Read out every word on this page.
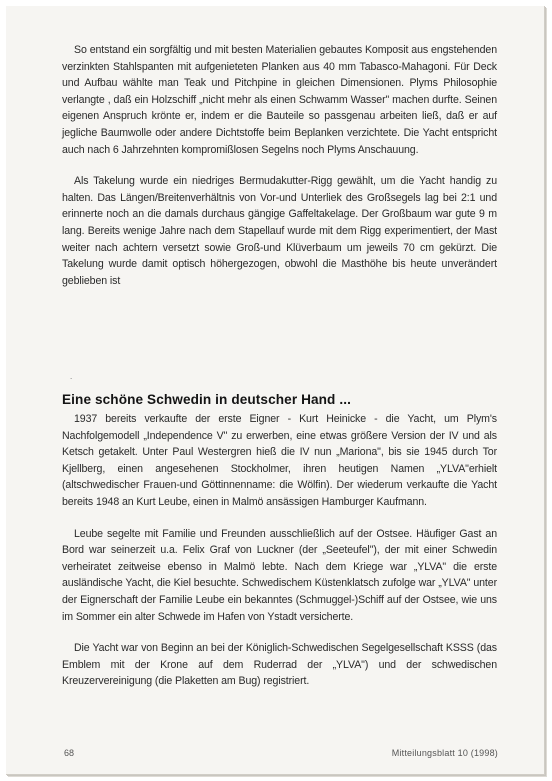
So entstand ein sorgfältig und mit besten Materialien gebautes Komposit aus engstehenden verzinkten Stahlspanten mit aufgenieteten Planken aus 40 mm Tabasco-Mahagoni. Für Deck und Aufbau wählte man Teak und Pitchpine in gleichen Dimensionen. Plyms Philosophie verlangte , daß ein Holzschiff „nicht mehr als einen Schwamm Wasser" machen durfte. Seinen eigenen Anspruch krönte er, indem er die Bauteile so passgenau arbeiten ließ, daß er auf jegliche Baumwolle oder andere Dichtstoffe beim Beplanken verzichtete. Die Yacht entspricht auch nach 6 Jahrzehnten kompromißlosen Segelns noch Plyms Anschauung.

Als Takelung wurde ein niedriges Bermudakutter-Rigg gewählt, um die Yacht handig zu halten. Das Längen/Breitenverhältnis von Vor-und Unterliek des Großsegels lag bei 2:1 und erinnerte noch an die damals durchaus gängige Gaffeltakelage. Der Großbaum war gute 9 m lang. Bereits wenige Jahre nach dem Stapellauf wurde mit dem Rigg experimentiert, der Mast weiter nach achtern versetzt sowie Groß-und Klüverbaum um jeweils 70 cm gekürzt. Die Takelung wurde damit optisch höhergezogen, obwohl die Masthöhe bis heute unverändert geblieben ist

.
Eine schöne Schwedin in deutscher Hand ...

1937 bereits verkaufte der erste Eigner - Kurt Heinicke - die Yacht, um Plym's Nachfolgemodell „Independence V" zu erwerben, eine etwas größere Version der IV und als Ketsch getakelt. Unter Paul Westergren hieß die IV nun „Mariona", bis sie 1945 durch Tor Kjellberg, einen angesehenen Stockholmer, ihren heutigen Namen „YLVA"erhielt (altschwedischer Frauen-und Göttinnenname: die Wölfin). Der wiederum verkaufte die Yacht bereits 1948 an Kurt Leube, einen in Malmö ansässigen Hamburger Kaufmann.

Leube segelte mit Familie und Freunden ausschließlich auf der Ostsee. Häufiger Gast an Bord war seinerzeit u.a. Felix Graf von Luckner (der „Seeteufel"), der mit einer Schwedin verheiratet zeitweise ebenso in Malmö lebte. Nach dem Kriege war „YLVA" die erste ausländische Yacht, die Kiel besuchte. Schwedischem Küstenklatsch zufolge war „YLVA" unter der Eignerschaft der Familie Leube ein bekanntes (Schmuggel-)Schiff auf der Ostsee, wie uns im Sommer ein alter Schwede im Hafen von Ystadt versicherte.

Die Yacht war von Beginn an bei der Königlich-Schwedischen Segelgesellschaft KSSS (das Emblem mit der Krone auf dem Ruderrad der „YLVA") und der schwedischen Kreuzervereinigung (die Plaketten am Bug) registriert.

68	Mitteilungsblatt 10 (1998)
